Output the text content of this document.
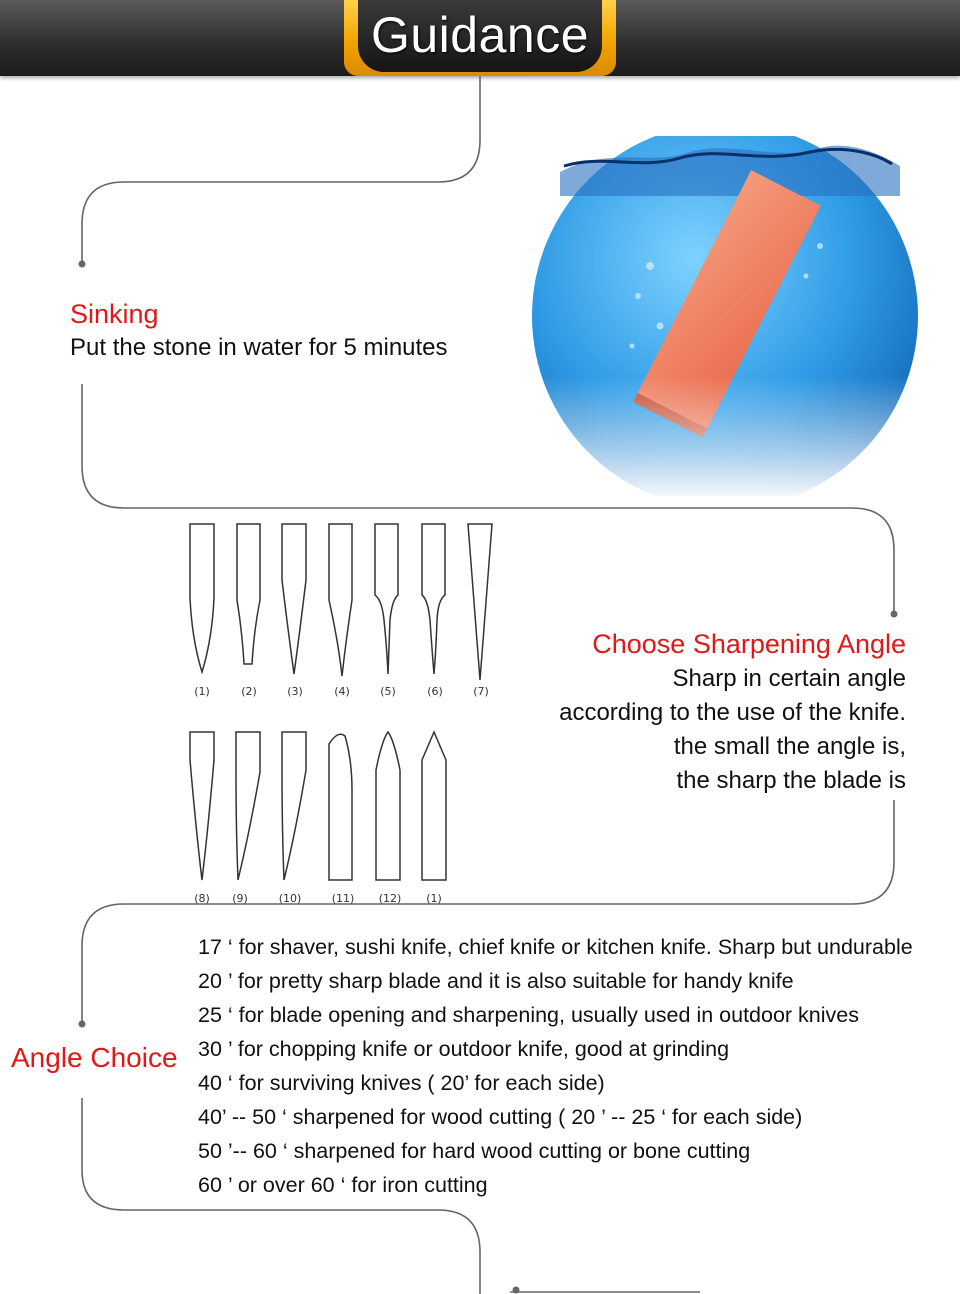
Guidance
Sinking
Put the stone in water for 5 minutes
(1)	(2)	(3)	(4)	(5)	(6)	(7)
(8) (9)	(10)	(11) (12) (1)
Choose Sharpening Angle
Sharp in certain angle
according to the use of the knife.
the small the angle is,
the sharp the blade is
Angle Choice
17 ‘ for shaver, sushi knife, chief knife or kitchen knife. Sharp but undurable
20 ’ for pretty sharp blade and it is also suitable for handy knife
25 ‘ for blade opening and sharpening, usually used in outdoor knives
30 ’ for chopping knife or outdoor knife, good at grinding
40 ‘ for surviving knives ( 20’ for each side)
40’ -- 50 ‘ sharpened for wood cutting ( 20 ’ -- 25 ‘ for each side)
50 ’-- 60 ‘ sharpened for hard wood cutting or bone cutting
60 ’ or over 60 ‘ for iron cutting
